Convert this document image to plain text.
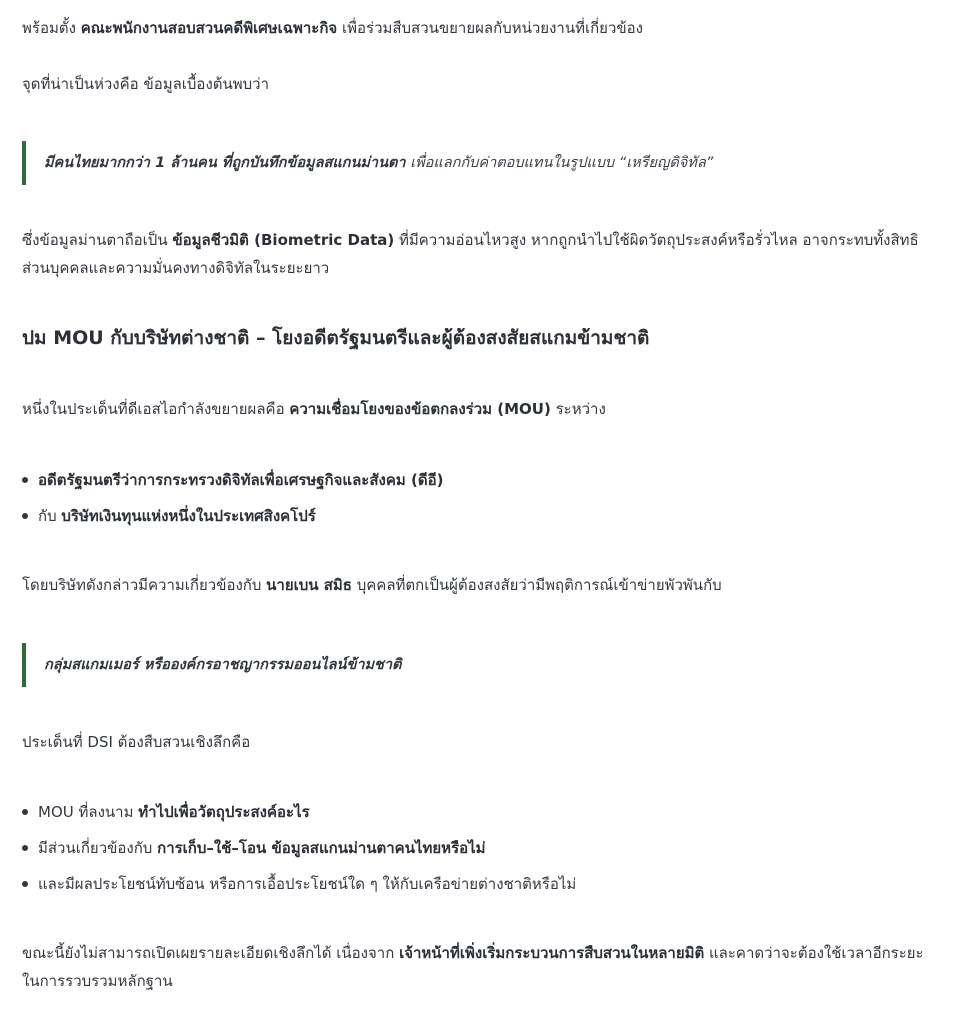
พร้อมตั้ง คณะพนักงานสอบสวนคดีพิเศษเฉพาะกิจ เพื่อร่วมสืบสวนขยายผลกับหน่วยงานที่เกี่ยวข้อง

จุดที่น่าเป็นห่วงคือ ข้อมูลเบื้องต้นพบว่า

มีคนไทยมากกว่า 1 ล้านคน ที่ถูกบันทึกข้อมูลสแกนม่านตา เพื่อแลกกับค่าตอบแทนในรูปแบบ “เหรียญดิจิทัล”

ซึ่งข้อมูลม่านตาถือเป็น ข้อมูลชีวมิติ (Biometric Data) ที่มีความอ่อนไหวสูง หากถูกนำไปใช้ผิดวัตถุประสงค์หรือรั่วไหล อาจกระทบทั้งสิทธิส่วนบุคคลและความมั่นคงทางดิจิทัลในระยะยาว

ปม MOU กับบริษัทต่างชาติ – โยงอดีตรัฐมนตรีและผู้ต้องสงสัยสแกมข้ามชาติ

หนึ่งในประเด็นที่ดีเอสไอกำลังขยายผลคือ ความเชื่อมโยงของข้อตกลงร่วม (MOU) ระหว่าง

อดีตรัฐมนตรีว่าการกระทรวงดิจิทัลเพื่อเศรษฐกิจและสังคม (ดีอี)
กับ บริษัทเงินทุนแห่งหนึ่งในประเทศสิงคโปร์

โดยบริษัทดังกล่าวมีความเกี่ยวข้องกับ นายเบน สมิธ บุคคลที่ตกเป็นผู้ต้องสงสัยว่ามีพฤติการณ์เข้าข่ายพัวพันกับ

กลุ่มสแกมเมอร์ หรือองค์กรอาชญากรรมออนไลน์ข้ามชาติ

ประเด็นที่ DSI ต้องสืบสวนเชิงลึกคือ

MOU ที่ลงนาม ทำไปเพื่อวัตถุประสงค์อะไร
มีส่วนเกี่ยวข้องกับ การเก็บ–ใช้–โอน ข้อมูลสแกนม่านตาคนไทยหรือไม่
และมีผลประโยชน์ทับซ้อน หรือการเอื้อประโยชน์ใด ๆ ให้กับเครือข่ายต่างชาติหรือไม่

ขณะนี้ยังไม่สามารถเปิดเผยรายละเอียดเชิงลึกได้ เนื่องจาก เจ้าหน้าที่เพิ่งเริ่มกระบวนการสืบสวนในหลายมิติ และคาดว่าจะต้องใช้เวลาอีกระยะในการรวบรวมหลักฐาน
